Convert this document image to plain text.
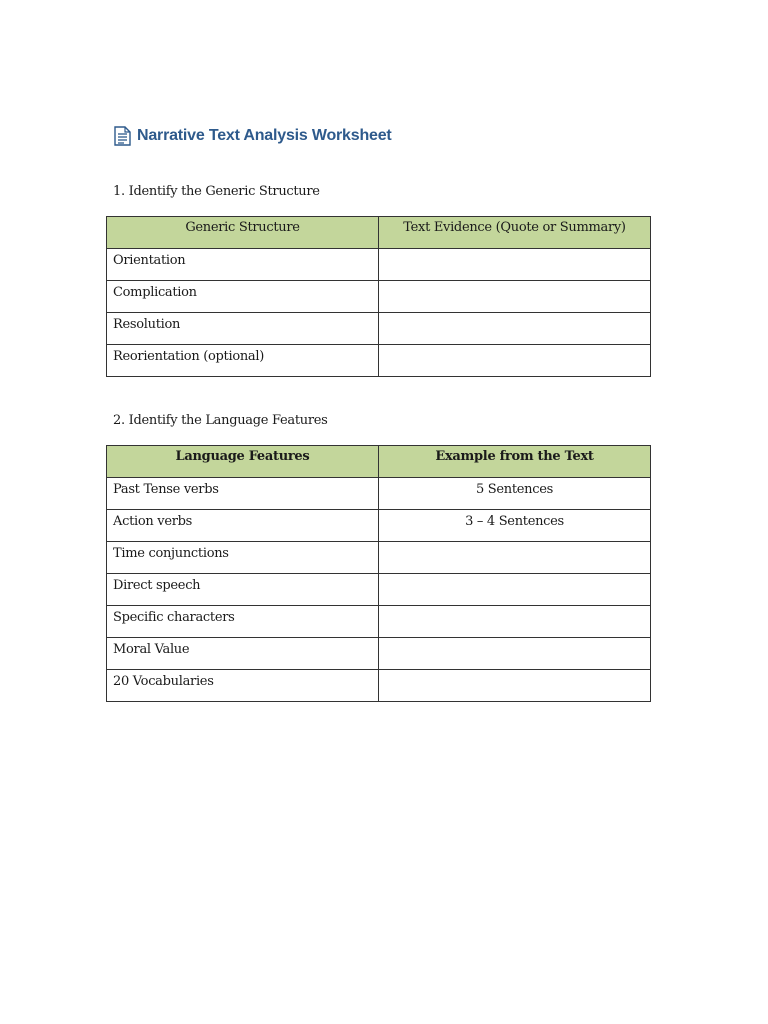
Narrative Text Analysis Worksheet
1. Identify the Generic Structure
Generic Structure	Text Evidence (Quote or Summary)
Orientation	
Complication	
Resolution	
Reorientation (optional)	
2. Identify the Language Features
Language Features	Example from the Text
Past Tense verbs	5 Sentences
Action verbs	3 – 4 Sentences
Time conjunctions	
Direct speech	
Specific characters	
Moral Value	
20 Vocabularies	
